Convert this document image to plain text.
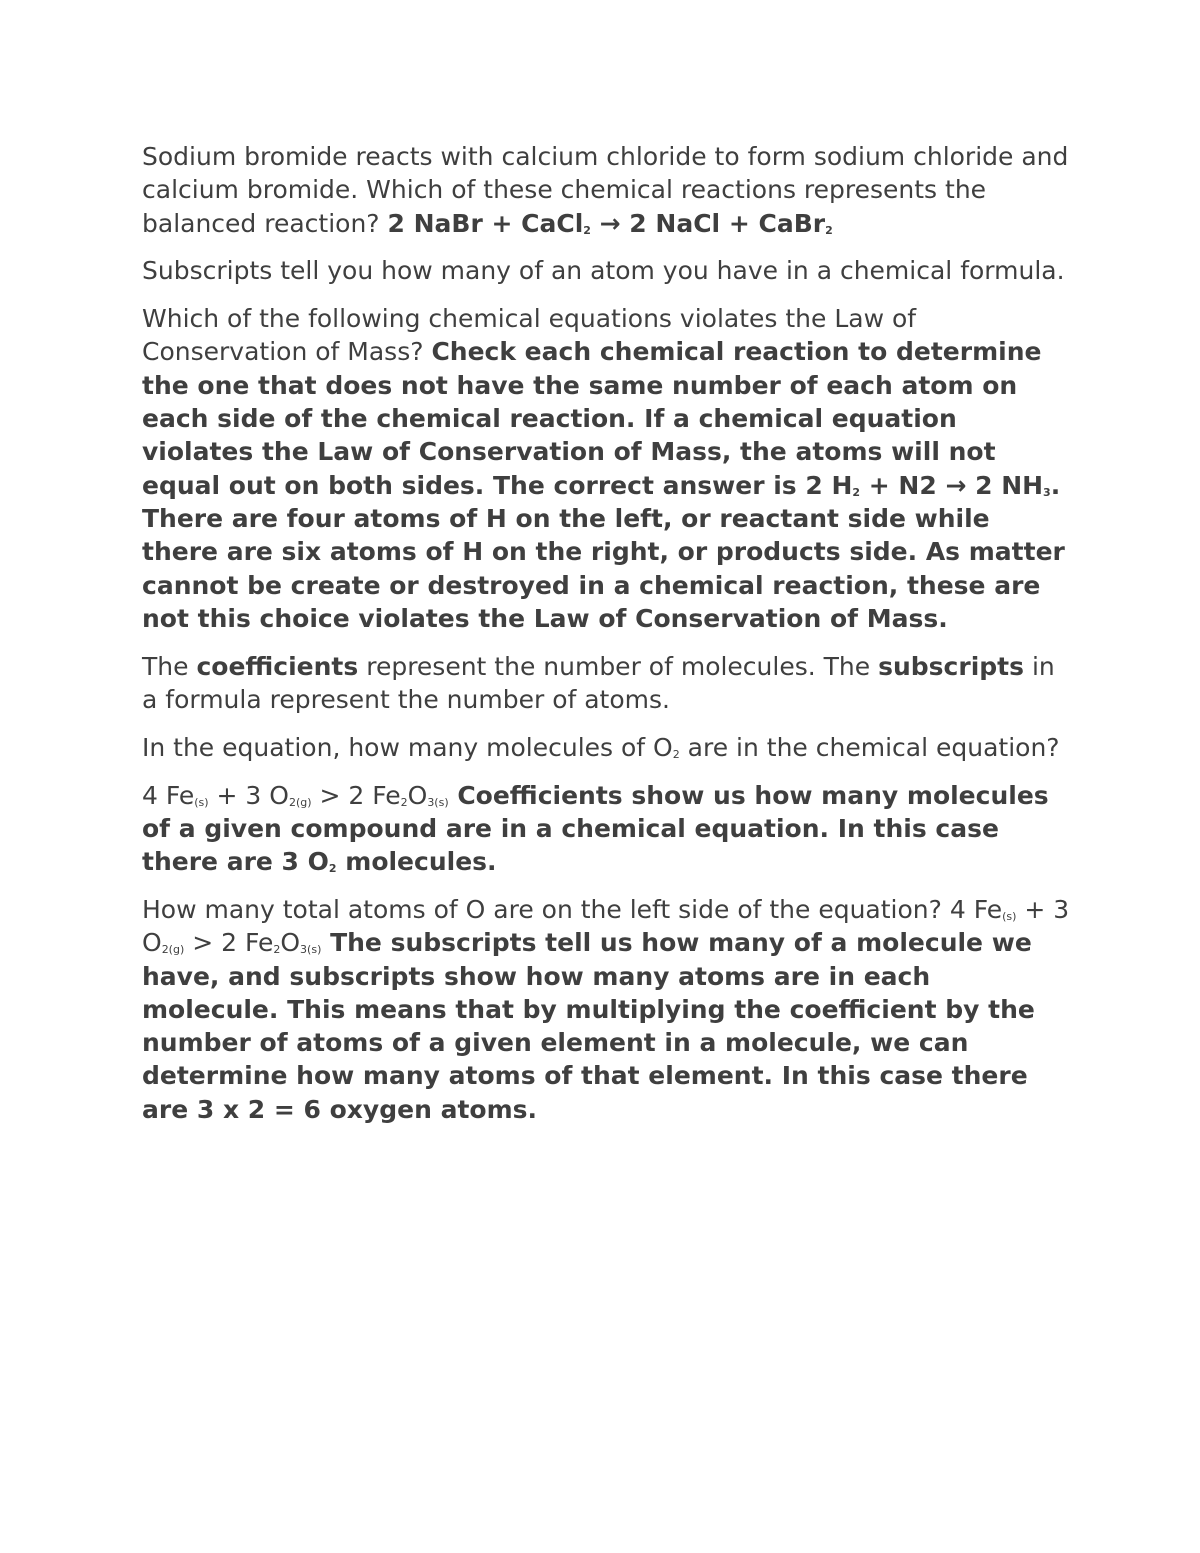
Sodium bromide reacts with calcium chloride to form sodium chloride and calcium bromide. Which of these chemical reactions represents the balanced reaction? 2 NaBr + CaCl$_2$ → 2 NaCl + CaBr$_2$

Subscripts tell you how many of an atom you have in a chemical formula.

Which of the following chemical equations violates the Law of Conservation of Mass? Check each chemical reaction to determine the one that does not have the same number of each atom on each side of the chemical reaction. If a chemical equation violates the Law of Conservation of Mass, the atoms will not equal out on both sides. The correct answer is 2 $H_2 + N2 \to 2$ $NH_3$. There are four atoms of H on the left, or reactant side while there are six atoms of H on the right, or products side. As matter cannot be create or destroyed in a chemical reaction, these are not this choice violates the Law of Conservation of Mass.

The coefficients represent the number of molecules. The subscripts in a formula represent the number of atoms.

In the equation, how many molecules of $O_2$ are in the chemical equation?

4 $Fe_{(s)} + 3$ $O_{2(g)} > 2$ $Fe_2O_{3(s)}$ Coefficients show us how many molecules of a given compound are in a chemical equation. In this case there are 3 $O_2$ molecules.

How many total atoms of O are on the left side of the equation? 4 $Fe_{(s)} + 3$ $O_{2(g)} > 2$ $Fe_2O_{3(s)}$ The subscripts tell us how many of a molecule we have, and subscripts show how many atoms are in each molecule. This means that by multiplying the coefficient by the number of atoms of a given element in a molecule, we can determine how many atoms of that element. In this case there are 3 x 2 = 6 oxygen atoms.
